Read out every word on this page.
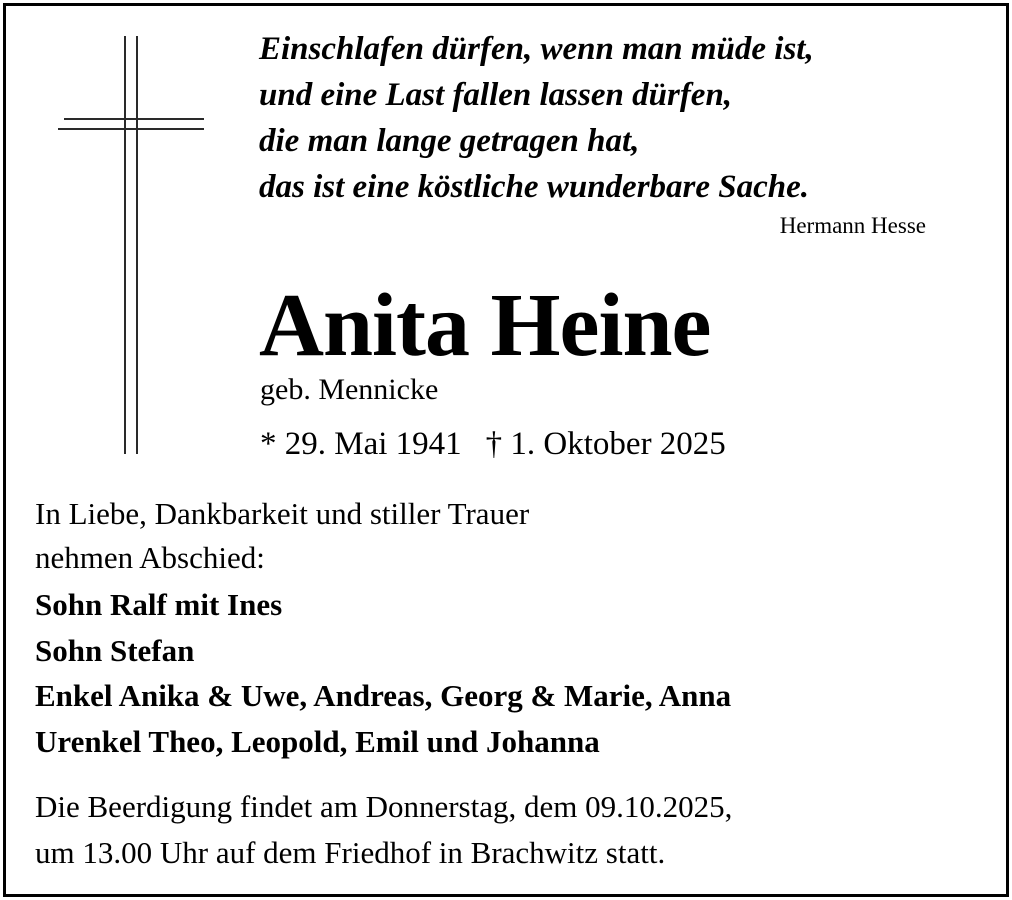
Einschlafen dürfen, wenn man müde ist,
und eine Last fallen lassen dürfen,
die man lange getragen hat,
das ist eine köstliche wunderbare Sache.
Hermann Hesse
Anita Heine
geb. Mennicke
* 29. Mai 1941 † 1. Oktober 2025
In Liebe, Dankbarkeit und stiller Trauer
nehmen Abschied:
Sohn Ralf mit Ines
Sohn Stefan
Enkel Anika & Uwe, Andreas, Georg & Marie, Anna
Urenkel Theo, Leopold, Emil und Johanna
Die Beerdigung findet am Donnerstag, dem 09.10.2025,
um 13.00 Uhr auf dem Friedhof in Brachwitz statt.
